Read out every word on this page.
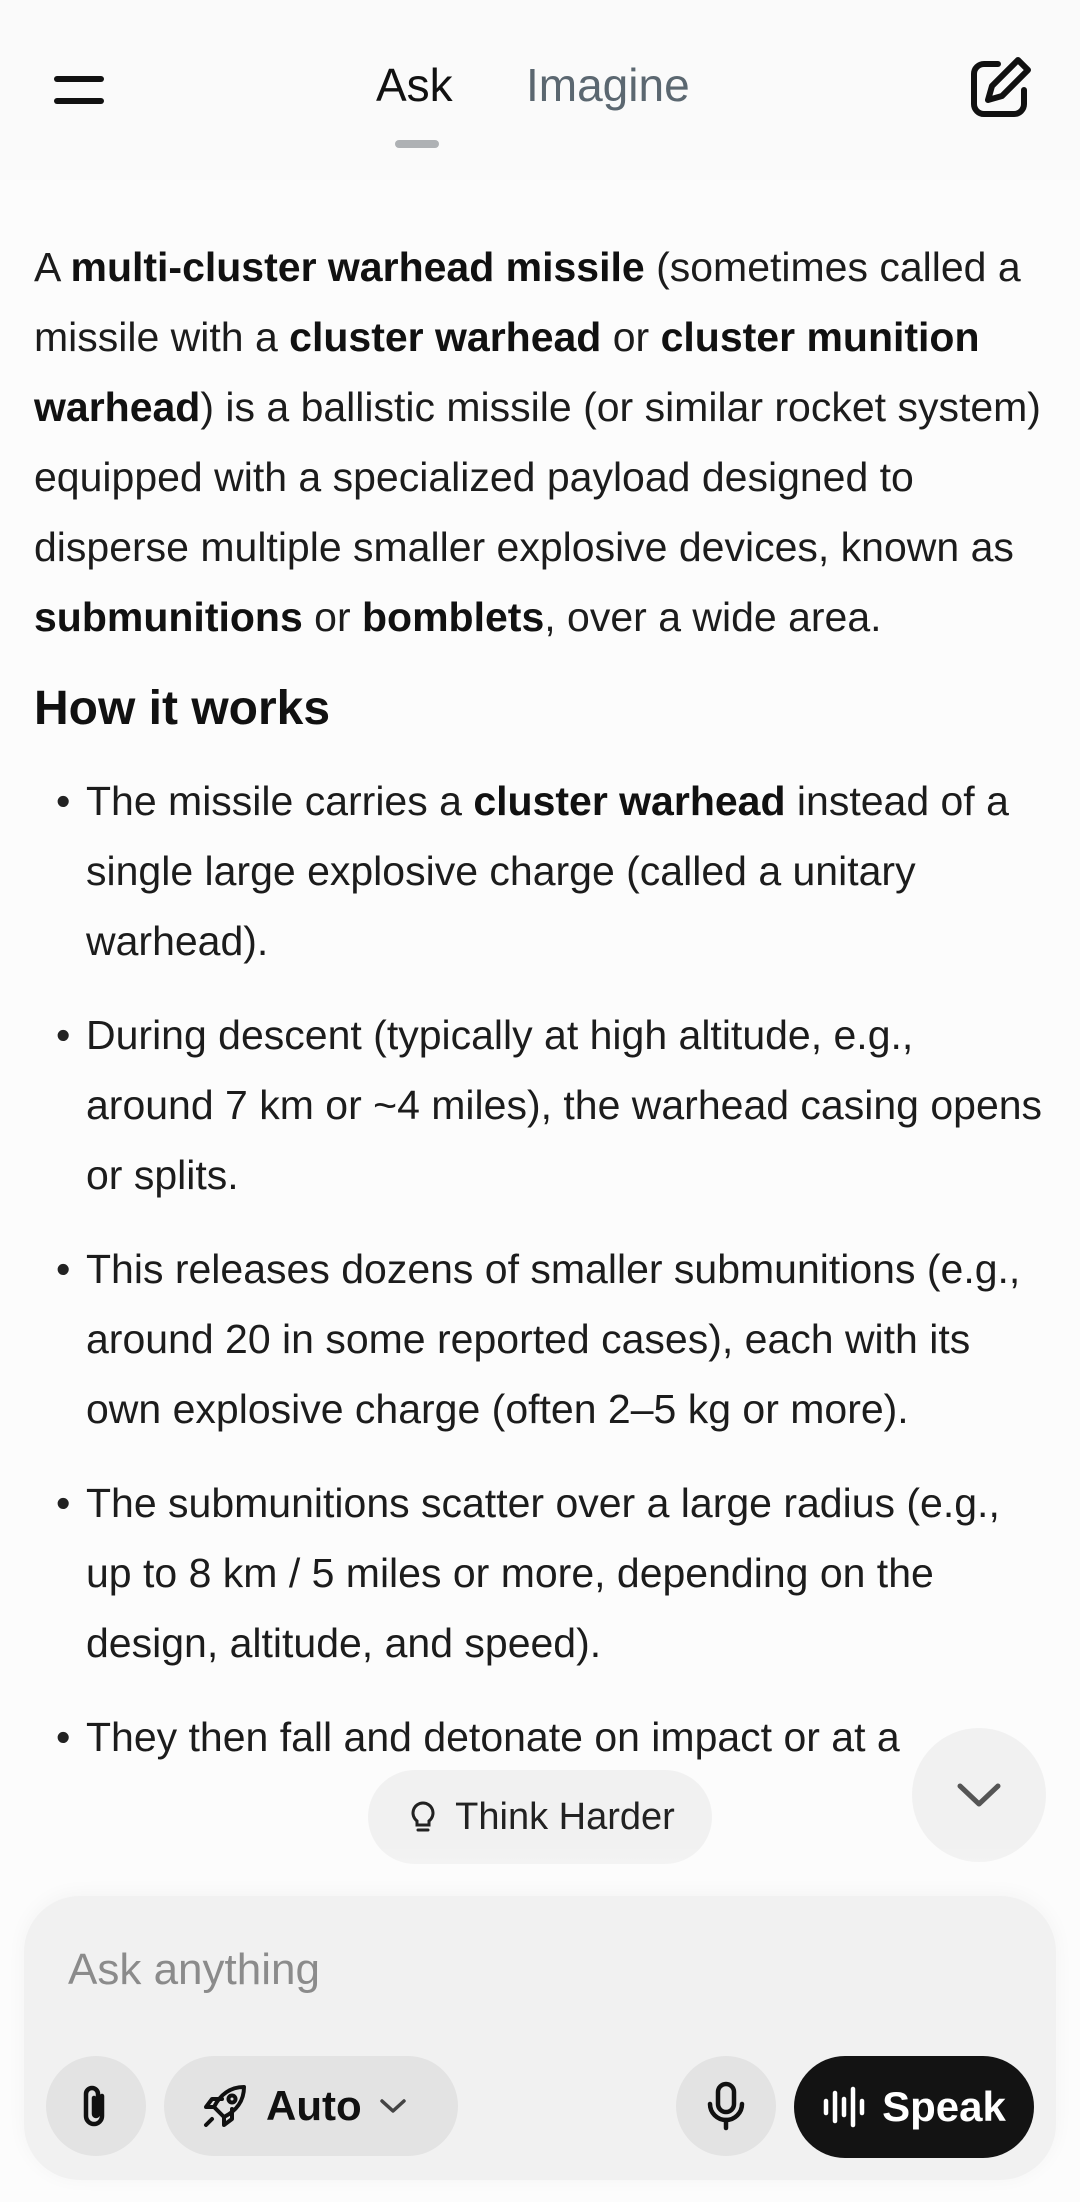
Ask Imagine

A multi-cluster warhead missile (sometimes called a missile with a cluster warhead or cluster munition warhead) is a ballistic missile (or similar rocket system) equipped with a specialized payload designed to disperse multiple smaller explosive devices, known as submunitions or bomblets, over a wide area.

How it works
• The missile carries a cluster warhead instead of a single large explosive charge (called a unitary warhead).
• During descent (typically at high altitude, e.g., around 7 km or ~4 miles), the warhead casing opens or splits.
• This releases dozens of smaller submunitions (e.g., around 20 in some reported cases), each with its own explosive charge (often 2–5 kg or more).
• The submunitions scatter over a large radius (e.g., up to 8 km / 5 miles or more, depending on the design, altitude, and speed).
• They then fall and detonate on impact or at a
Think Harder
Ask anything
Auto	Speak
